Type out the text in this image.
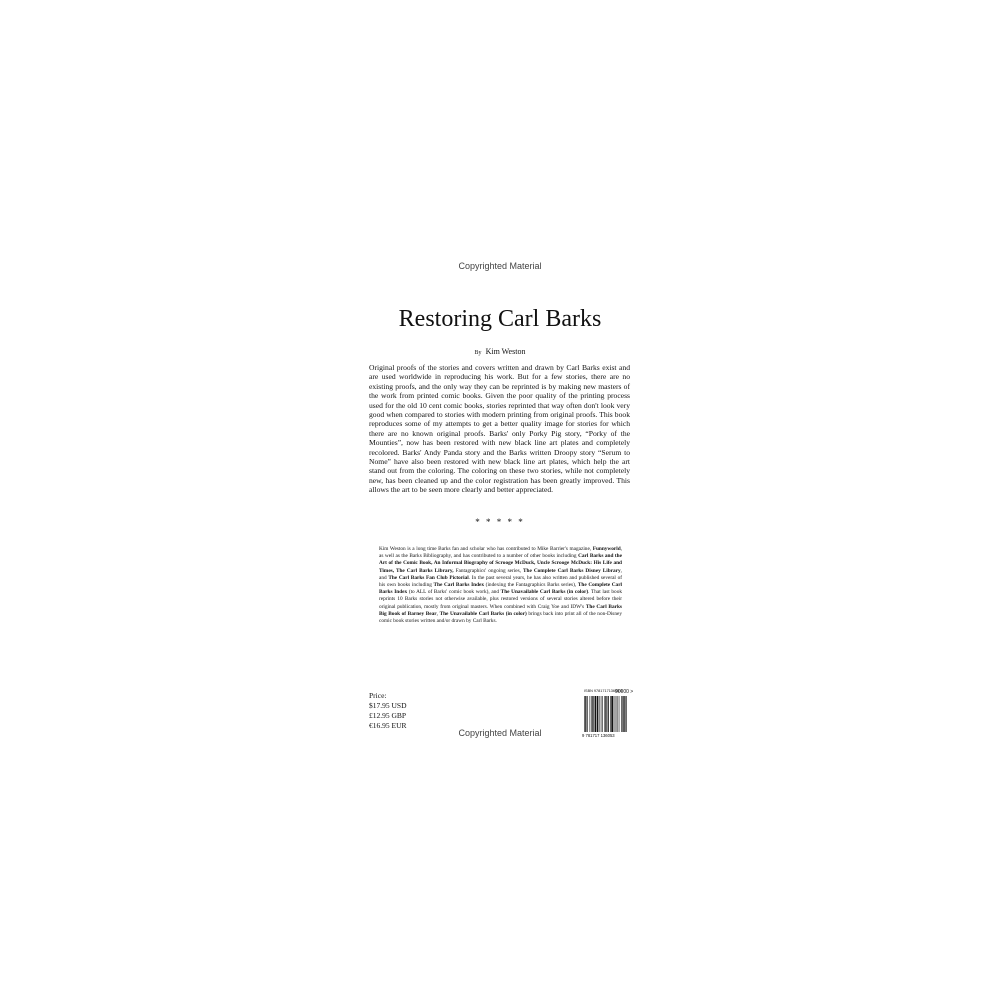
Copyrighted Material
Restoring Carl Barks
By Kim Weston

Original proofs of the stories and covers written and drawn by Carl Barks exist and are used worldwide in reproducing his work. But for a few stories, there are no existing proofs, and the only way they can be reprinted is by making new masters of the work from printed comic books. Given the poor quality of the printing process used for the old 10 cent comic books, stories reprinted that way often don't look very good when compared to stories with modern printing from original proofs. This book reproduces some of my attempts to get a better quality image for stories for which there are no known original proofs. Barks' only Porky Pig story, “Porky of the Mounties”, now has been restored with new black line art plates and completely recolored. Barks' Andy Panda story and the Barks written Droopy story “Serum to Nome” have also been restored with new black line art plates, which help the art stand out from the coloring. The coloring on these two stories, while not completely new, has been cleaned up and the color registration has been greatly improved. This allows the art to be seen more clearly and better appreciated.

* * * * *

Kim Weston is a long time Barks fan and scholar who has contributed to Mike Barrier's magazine, Funnyworld, as well as the Barks Bibliography, and has contributed to a number of other books including Carl Barks and the Art of the Comic Book, An Informal Biography of Scrooge McDuck, Uncle Scrooge McDuck: His Life and Times, The Carl Barks Library, Fantagraphics' ongoing series, The Complete Carl Barks Disney Library, and The Carl Barks Fan Club Pictorial. In the past several years, he has also written and published several of his own books including The Carl Barks Index (indexing the Fantagraphics Barks series), The Complete Carl Barks Index (to ALL of Barks' comic book work), and The Unavailable Carl Barks (in color). That last book reprints 10 Barks stories not otherwise available, plus restored versions of several stories altered before their original publication, mostly from original masters. When combined with Craig Yoe and IDW's The Carl Barks Big Book of Barney Bear, The Unavailable Carl Barks (in color) brings back into print all of the non-Disney comic book stories written and/or drawn by Carl Barks.

Price:
$17.95 USD
£12.95 GBP
€16.95 EUR
ISBN 978171713605 5
90000 >
9 781717 136053
Copyrighted Material
